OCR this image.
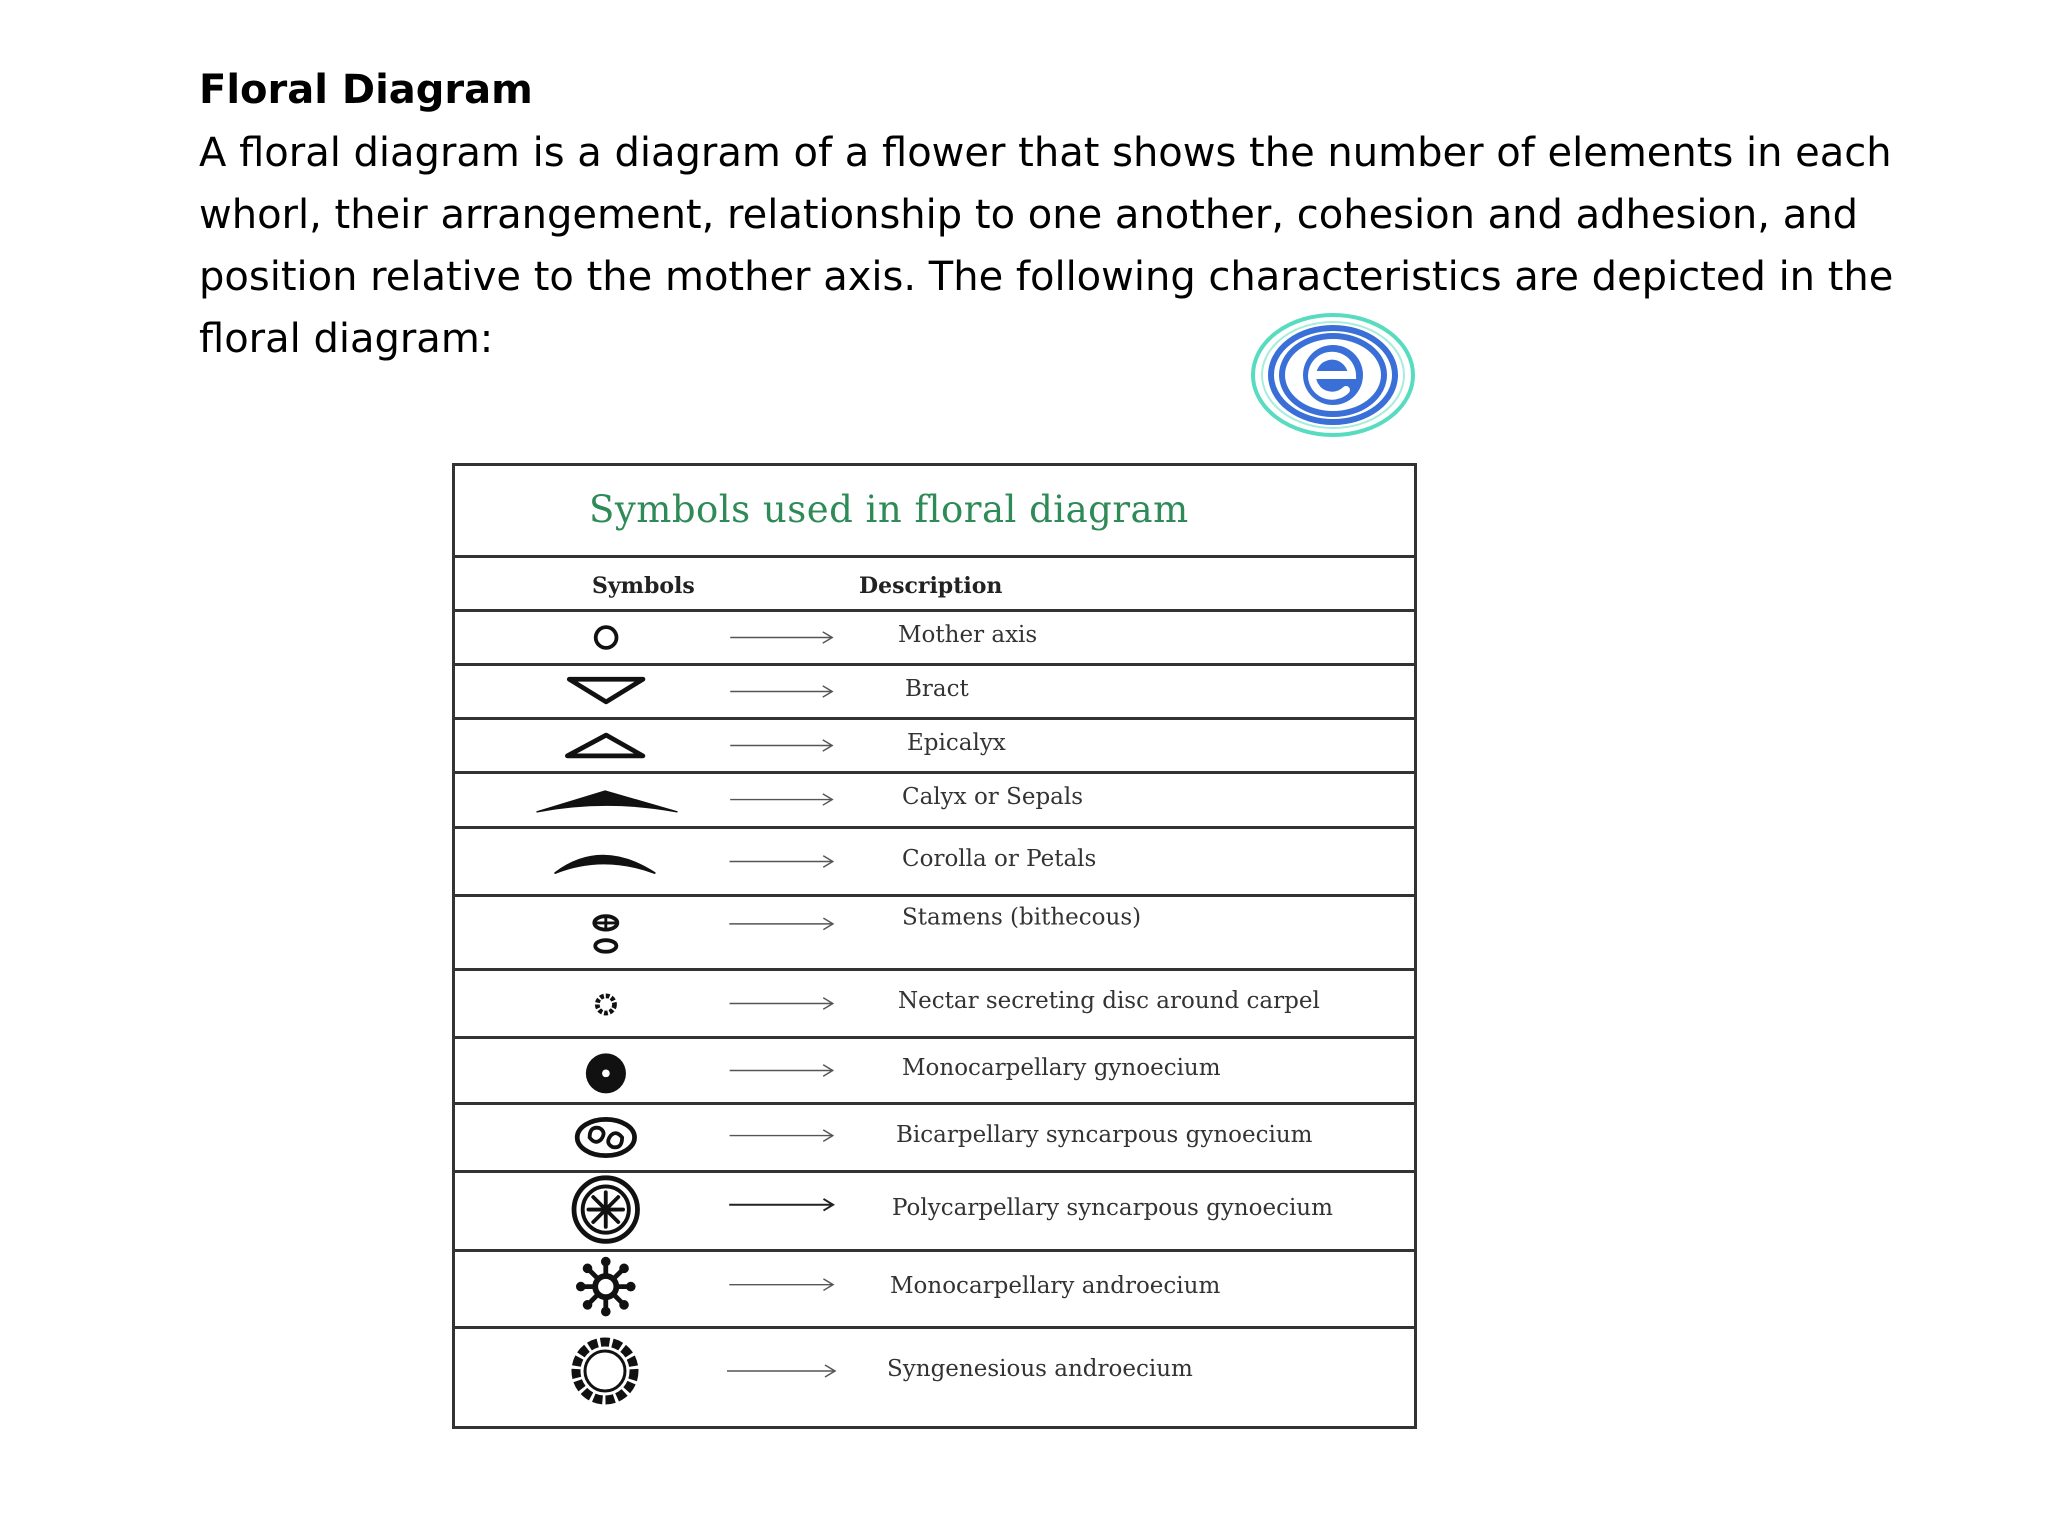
Floral Diagram
A floral diagram is a diagram of a flower that shows the number of elements in each
whorl, their arrangement, relationship to one another, cohesion and adhesion, and
position relative to the mother axis. The following characteristics are depicted in the
floral diagram:
Symbols used in floral diagram
Symbols	Description
Mother axis
Bract
Epicalyx
Calyx or Sepals
Corolla or Petals
Stamens (bithecous)
Nectar secreting disc around carpel
Monocarpellary gynoecium
Bicarpellary syncarpous gynoecium
Polycarpellary syncarpous gynoecium
Monocarpellary androecium
Syngenesious androecium
